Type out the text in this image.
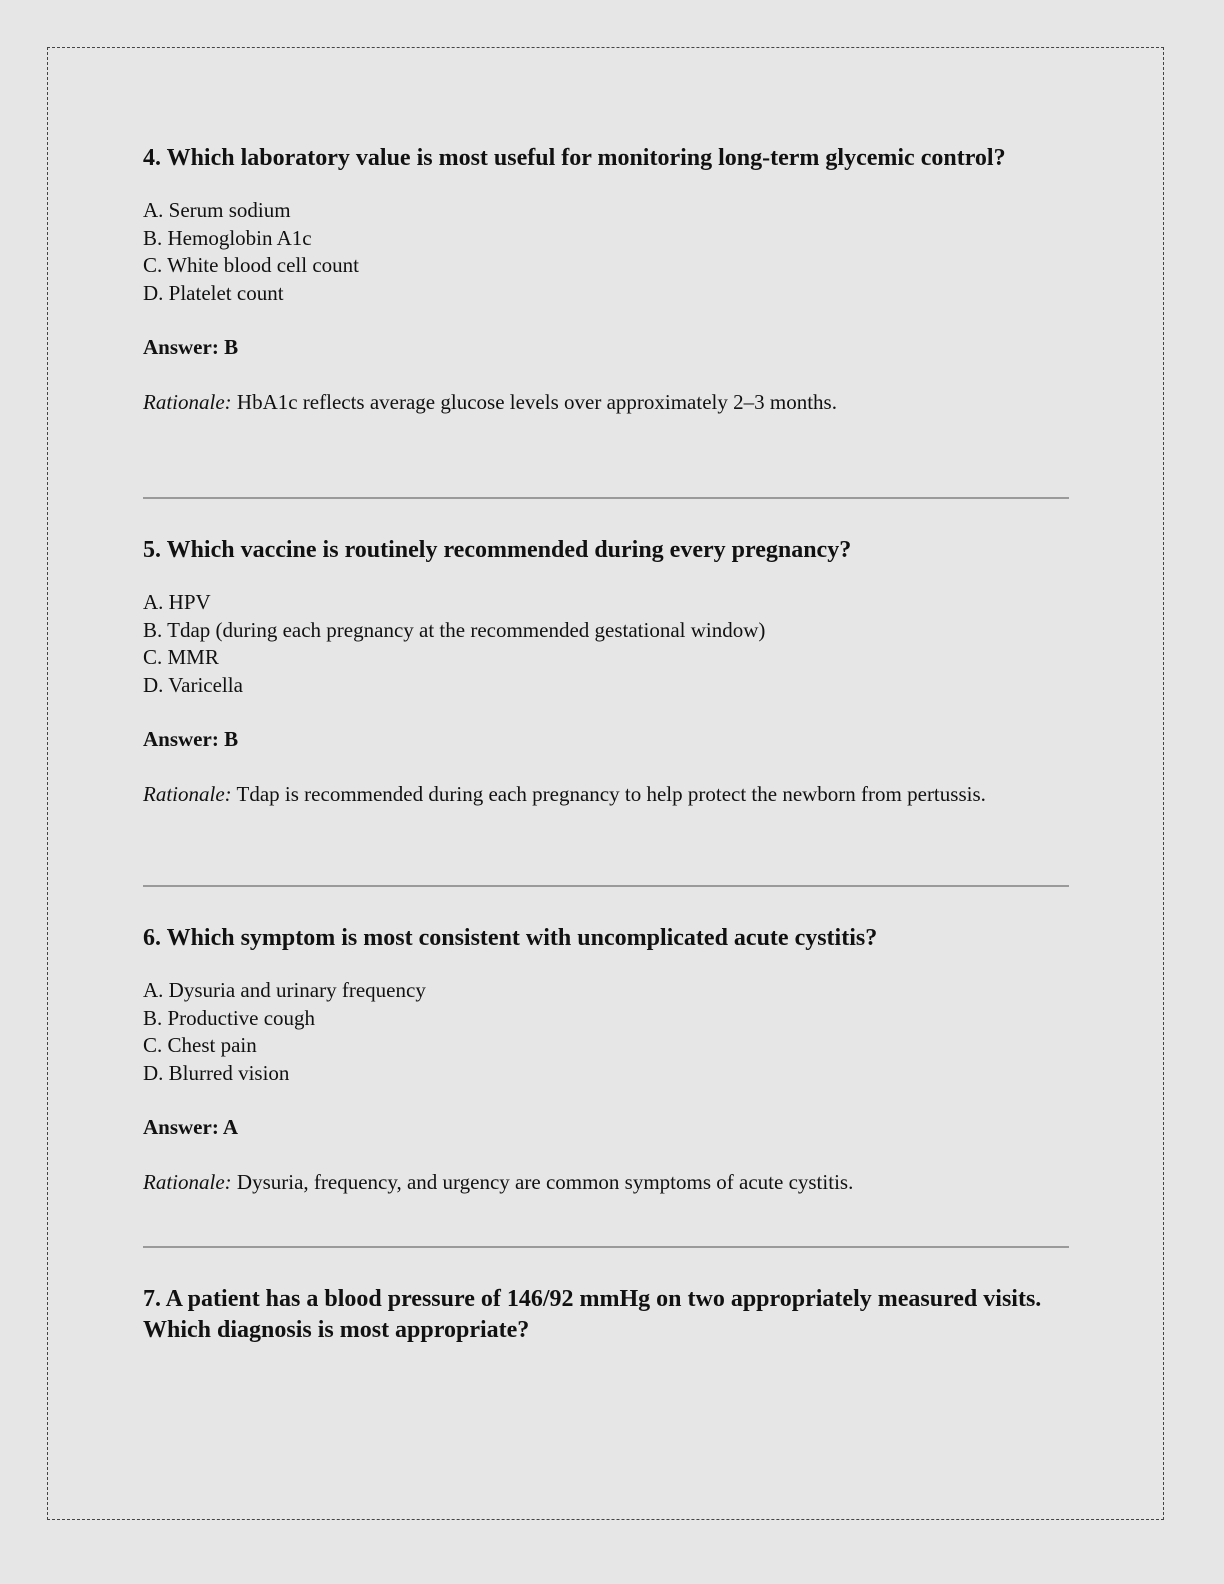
4. Which laboratory value is most useful for monitoring long-term glycemic control?

A. Serum sodium
B. Hemoglobin A1c
C. White blood cell count
D. Platelet count
Answer: B
Rationale: HbA1c reflects average glucose levels over approximately 2–3 months.

5. Which vaccine is routinely recommended during every pregnancy?

A. HPV
B. Tdap (during each pregnancy at the recommended gestational window)
C. MMR
D. Varicella
Answer: B
Rationale: Tdap is recommended during each pregnancy to help protect the newborn from pertussis.

6. Which symptom is most consistent with uncomplicated acute cystitis?

A. Dysuria and urinary frequency
B. Productive cough
C. Chest pain
D. Blurred vision
Answer: A
Rationale: Dysuria, frequency, and urgency are common symptoms of acute cystitis.

7. A patient has a blood pressure of 146/92 mmHg on two appropriately measured visits. Which diagnosis is most appropriate?
